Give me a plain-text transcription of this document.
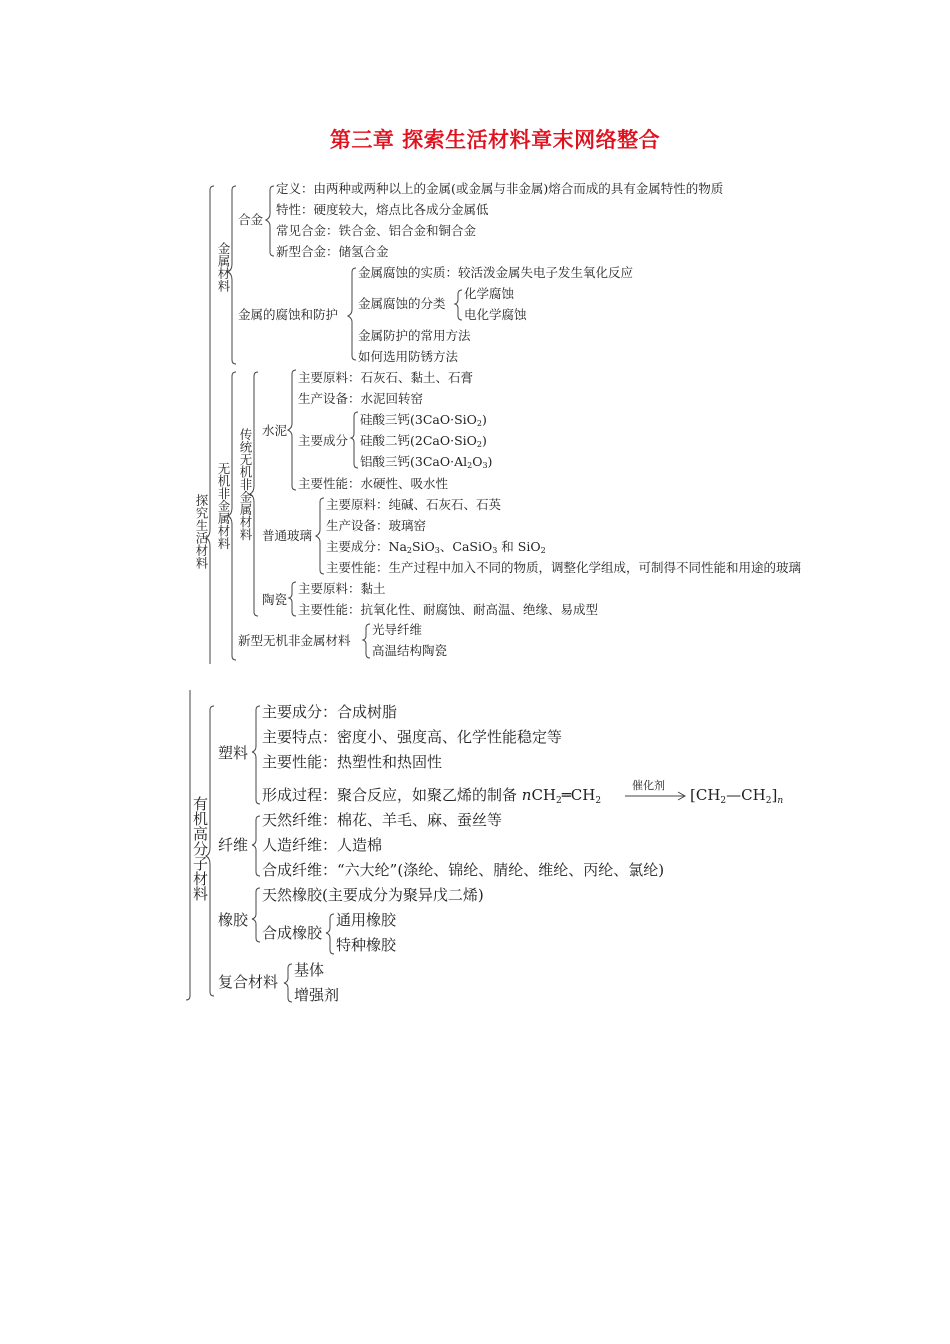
第三章 探索生活材料章末网络整合
探究生活材料
金属材料
合金
定义：由两种或两种以上的金属(或金属与非金属)熔合而成的具有金属特性的物质
特性：硬度较大，熔点比各成分金属低
常见合金：铁合金、铝合金和铜合金
新型合金：储氢合金
金属的腐蚀和防护
金属腐蚀的实质：较活泼金属失电子发生氧化反应
金属腐蚀的分类
化学腐蚀
电化学腐蚀
金属防护的常用方法
如何选用防锈方法
无机非金属材料 传统无机非金属材料 水泥
主要原料：石灰石、黏土、石膏
生产设备：水泥回转窑
主要成分
硅酸三钙(3CaO·SiO$_2$)
硅酸二钙(2CaO·SiO$_2$)
铝酸三钙$(3CaO\cdot Al_2O_3)$
主要性能：水硬性、吸水性
普通玻璃
主要原料：纯碱、石灰石、石英
生产设备：玻璃窑
主要成分：$Na_2SiO_3$、CaSiO$_3$ 和 SiO$_2$
主要性能：生产过程中加入不同的物质，调整化学组成，可制得不同性能和用途的玻璃
陶瓷
主要原料：黏土
主要性能：抗氧化性、耐腐蚀、耐高温、绝缘、易成型
新型无机非金属材料
光导纤维
高温结构陶瓷
有机高分子材料
塑料
主要成分：合成树脂
主要特点：密度小、强度高、化学性能稳定等
主要性能：热塑性和热固性
形成过程：聚合反应，如聚乙烯的制备 $nCH_2═CH_2$
催化剂
$[CH_2—CH_2]_n$
纤维
天然纤维：棉花、羊毛、麻、蚕丝等
人造纤维：人造棉
合成纤维：“六大纶”(涤纶、锦纶、腈纶、维纶、丙纶、氯纶)
橡胶
天然橡胶(主要成分为聚异戊二烯)
合成橡胶
通用橡胶
特种橡胶
复合材料
基体
增强剂
